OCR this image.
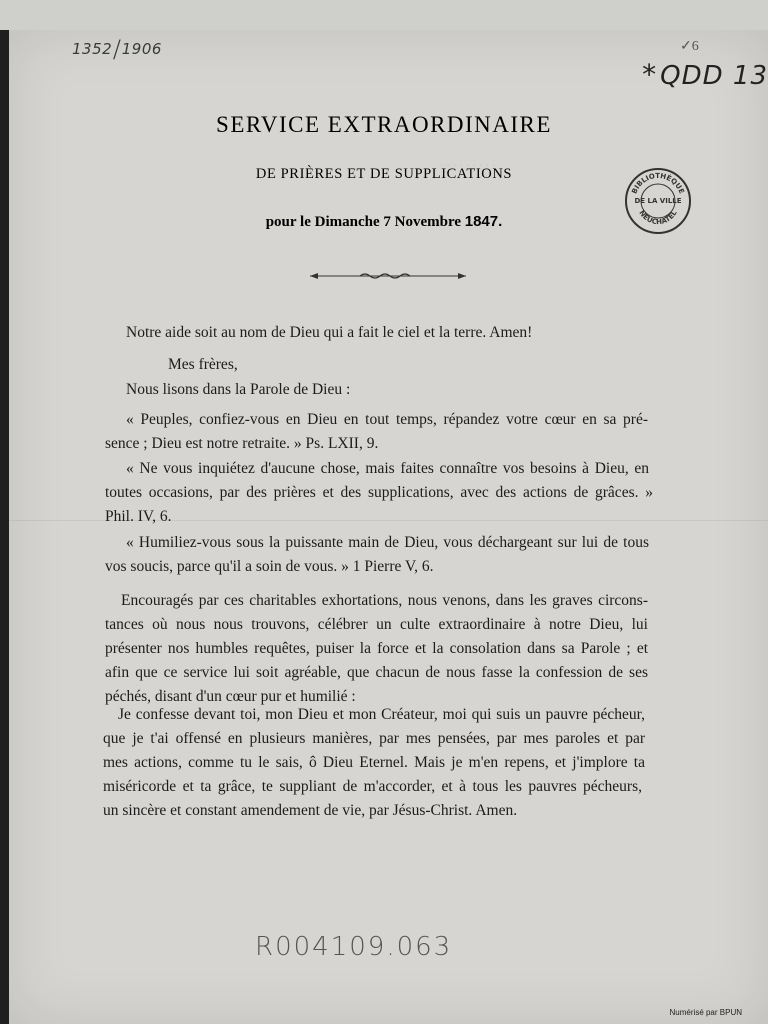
. . . . . . . . .
1352 / 1906	✓6
* QDD 13
BIBLIOTHÈQUE
NEUCHATEL
DE LA VILLE
SERVICE EXTRAORDINAIRE
DE PRIÈRES ET DE SUPPLICATIONS
pour le Dimanche 7 Novembre 1847.
Notre aide soit au nom de Dieu qui a fait le ciel et la terre. Amen!
Mes frères,
Nous lisons dans la Parole de Dieu :
« Peuples, confiez-vous en Dieu en tout temps, répandez votre cœur en sa pré-
sence ; Dieu est notre retraite. » Ps. LXII, 9.
« Ne vous inquiétez d'aucune chose, mais faites connaître vos besoins à Dieu, en
toutes occasions, par des prières et des supplications, avec des actions de grâces. »
Phil. IV, 6.
« Humiliez-vous sous la puissante main de Dieu, vous déchargeant sur lui de tous
vos soucis, parce qu'il a soin de vous. » 1 Pierre V, 6.
Encouragés par ces charitables exhortations, nous venons, dans les graves circons-
tances où nous nous trouvons, célébrer un culte extraordinaire à notre Dieu, lui
présenter nos humbles requêtes, puiser la force et la consolation dans sa Parole ; et
afin que ce service lui soit agréable, que chacun de nous fasse la confession de ses
péchés, disant d'un cœur pur et humilié :
Je confesse devant toi, mon Dieu et mon Créateur, moi qui suis un pauvre pécheur,
que je t'ai offensé en plusieurs manières, par mes pensées, par mes paroles et par
mes actions, comme tu le sais, ô Dieu Eternel. Mais je m'en repens, et j'implore ta
miséricorde et ta grâce, te suppliant de m'accorder, et à tous les pauvres pécheurs,
un sincère et constant amendement de vie, par Jésus-Christ. Amen.
R004109.063
Numérisé par BPUN
